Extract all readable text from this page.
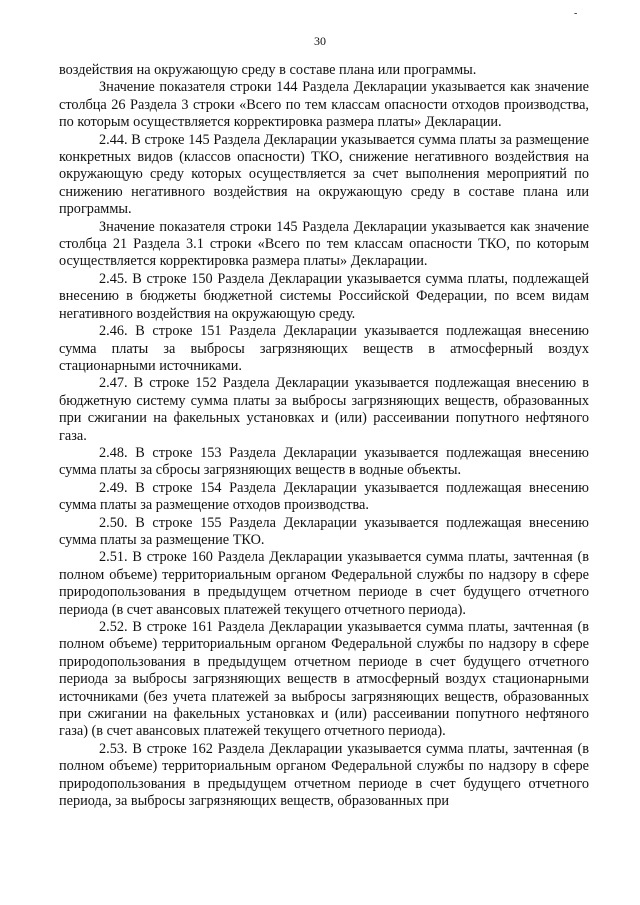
-
30

воздействия на окружающую среду в составе плана или программы.

Значение показателя строки 144 Раздела Декларации указывается как значение столбца 26 Раздела 3 строки «Всего по тем классам опасности отходов производства, по которым осуществляется корректировка размера платы» Декларации.

2.44. В строке 145 Раздела Декларации указывается сумма платы за размещение конкретных видов (классов опасности) ТКО, снижение негативного воздействия на окружающую среду которых осуществляется за счет выполнения мероприятий по снижению негативного воздействия на окружающую среду в составе плана или программы.

Значение показателя строки 145 Раздела Декларации указывается как значение столбца 21 Раздела 3.1 строки «Всего по тем классам опасности ТКО, по которым осуществляется корректировка размера платы» Декларации.

2.45. В строке 150 Раздела Декларации указывается сумма платы, подлежащей внесению в бюджеты бюджетной системы Российской Федерации, по всем видам негативного воздействия на окружающую среду.

2.46. В строке 151 Раздела Декларации указывается подлежащая внесению сумма платы за выбросы загрязняющих веществ в атмосферный воздух стационарными источниками.

2.47. В строке 152 Раздела Декларации указывается подлежащая внесению в бюджетную систему сумма платы за выбросы загрязняющих веществ, образованных при сжигании на факельных установках и (или) рассеивании попутного нефтяного газа.

2.48. В строке 153 Раздела Декларации указывается подлежащая внесению сумма платы за сбросы загрязняющих веществ в водные объекты.

2.49. В строке 154 Раздела Декларации указывается подлежащая внесению сумма платы за размещение отходов производства.

2.50. В строке 155 Раздела Декларации указывается подлежащая внесению сумма платы за размещение ТКО.

2.51. В строке 160 Раздела Декларации указывается сумма платы, зачтенная (в полном объеме) территориальным органом Федеральной службы по надзору в сфере природопользования в предыдущем отчетном периоде в счет будущего отчетного периода (в счет авансовых платежей текущего отчетного периода).

2.52. В строке 161 Раздела Декларации указывается сумма платы, зачтенная (в полном объеме) территориальным органом Федеральной службы по надзору в сфере природопользования в предыдущем отчетном периоде в счет будущего отчетного периода за выбросы загрязняющих веществ в атмосферный воздух стационарными источниками (без учета платежей за выбросы загрязняющих веществ, образованных при сжигании на факельных установках и (или) рассеивании попутного нефтяного газа) (в счет авансовых платежей текущего отчетного периода).

2.53. В строке 162 Раздела Декларации указывается сумма платы, зачтенная (в полном объеме) территориальным органом Федеральной службы по надзору в сфере природопользования в предыдущем отчетном периоде в счет будущего отчетного периода, за выбросы загрязняющих веществ, образованных при
